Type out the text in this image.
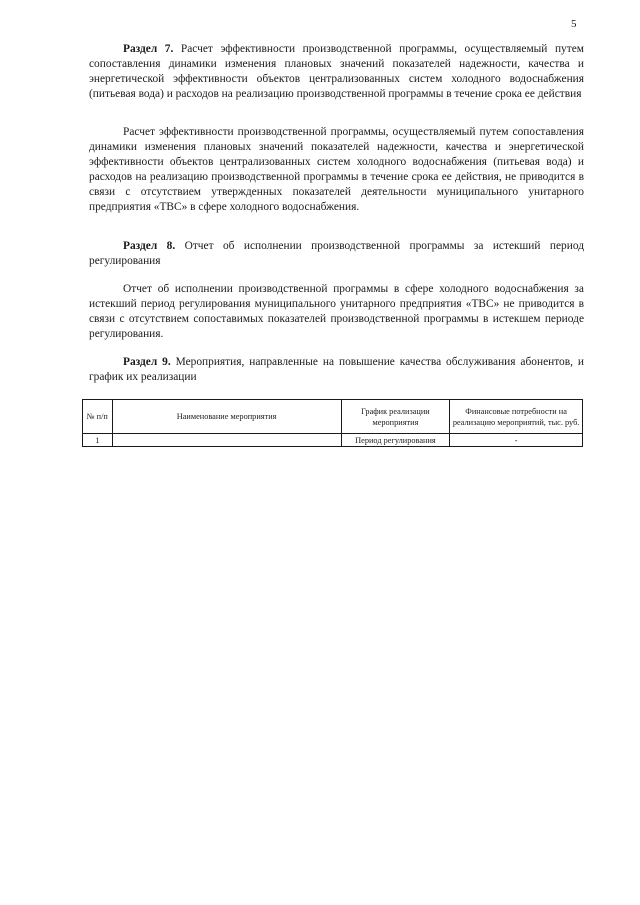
5

Раздел 7. Расчет эффективности производственной программы, осуществляемый путем сопоставления динамики изменения плановых значений показателей надежности, качества и энергетической эффективности объектов централизованных систем холодного водоснабжения (питьевая вода) и расходов на реализацию производственной программы в течение срока ее действия

Расчет эффективности производственной программы, осуществляемый путем сопоставления динамики изменения плановых значений показателей надежности, качества и энергетической эффективности объектов централизованных систем холодного водоснабжения (питьевая вода) и расходов на реализацию производственной программы в течение срока ее действия, не приводится в связи с отсутствием утвержденных показателей деятельности муниципального унитарного предприятия «ТВС» в сфере холодного водоснабжения.

Раздел 8. Отчет об исполнении производственной программы за истекший период регулирования

Отчет об исполнении производственной программы в сфере холодного водоснабжения за истекший период регулирования муниципального унитарного предприятия «ТВС» не приводится в связи с отсутствием сопоставимых показателей производственной программы в истекшем периоде регулирования.

Раздел 9. Мероприятия, направленные на повышение качества обслуживания абонентов, и график их реализации

№ п/п	Наименование мероприятия	График реализации мероприятия	Финансовые потребности на реализацию мероприятий, тыс. руб.
1		Период регулирования	-
